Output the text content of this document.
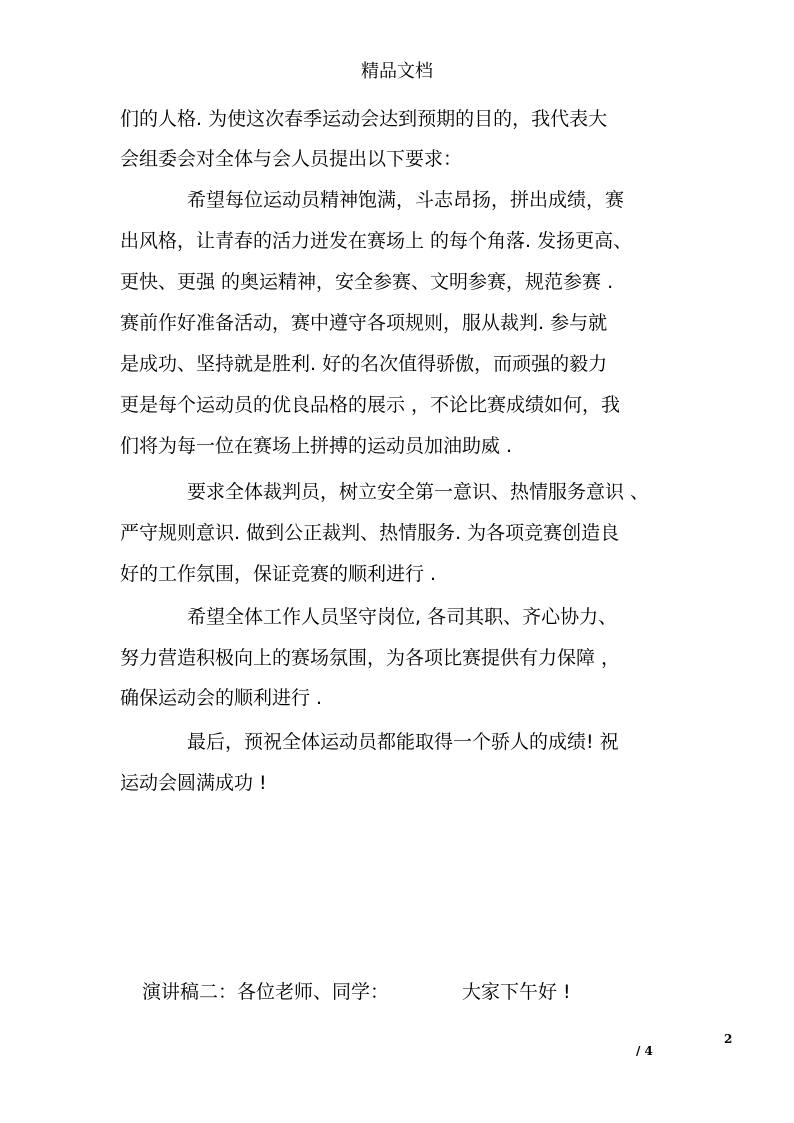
精品文档
们的人格. 为使这次春季运动会达到预期的目的，我代表大
会组委会对全体与会人员提出以下要求：
希望每位运动员精神饱满，斗志昂扬，拼出成绩，赛
出风格，让青春的活力迸发在赛场上 的每个角落. 发扬更高、
更快、更强 的奥运精神，安全参赛、文明参赛，规范参赛 .
赛前作好准备活动，赛中遵守各项规则，服从裁判. 参与就
是成功、坚持就是胜利. 好的名次值得骄傲，而顽强的毅力
更是每个运动员的优良品格的展示 ，不论比赛成绩如何，我
们将为每一位在赛场上拼搏的运动员加油助威 .
要求全体裁判员，树立安全第一意识、热情服务意识 、
严守规则意识. 做到公正裁判、热情服务. 为各项竞赛创造良
好的工作氛围，保证竞赛的顺利进行 .
希望全体工作人员坚守岗位, 各司其职、齐心协力、
努力营造积极向上的赛场氛围，为各项比赛提供有力保障 ，
确保运动会的顺利进行 .
最后，预祝全体运动员都能取得一个骄人的成绩! 祝
运动会圆满成功 !
演讲稿二：各位老师、同学：	大家下午好 !
2
/ 4
